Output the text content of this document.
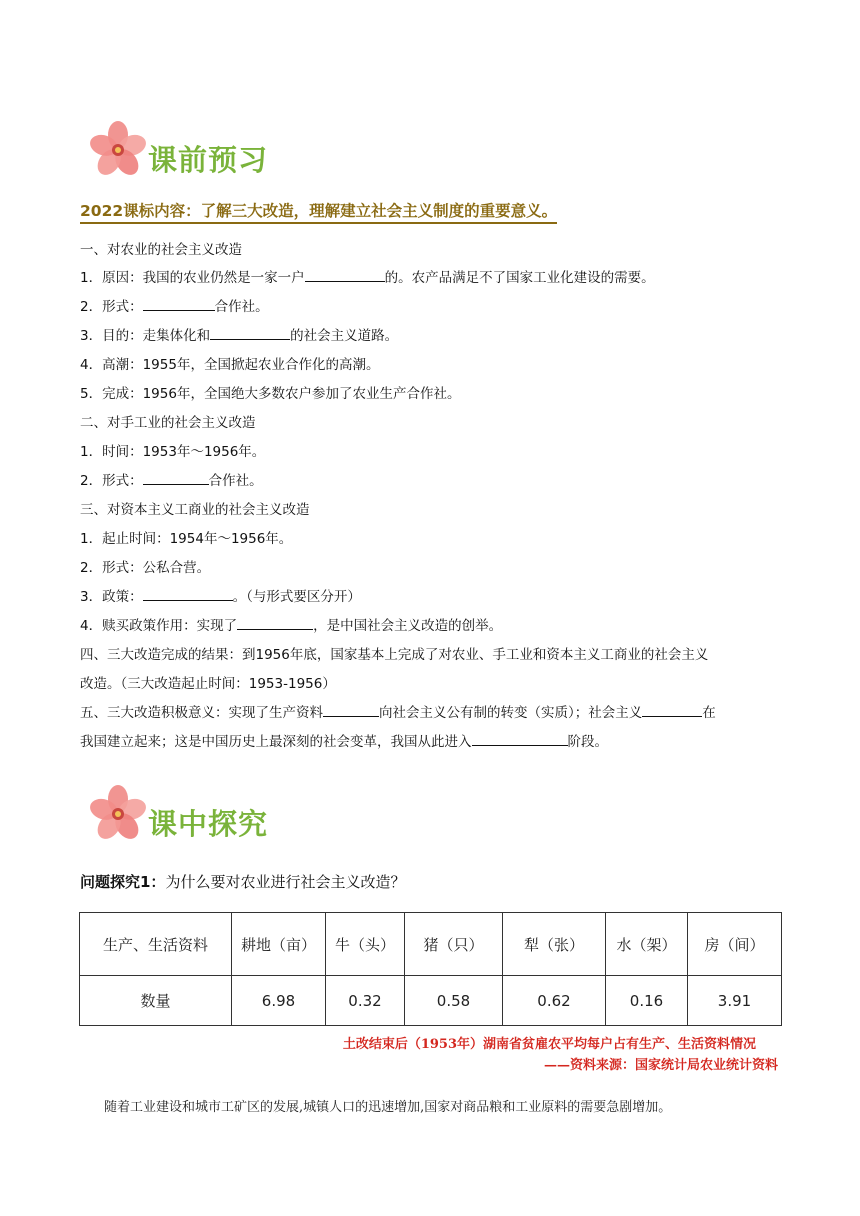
课前预习
2022课标内容：了解三大改造，理解建立社会主义制度的重要意义。
一、对农业的社会主义改造
1．原因：我国的农业仍然是一家一户	的。农产品满足不了国家工业化建设的需要。
2．形式：	合作社。
3．目的：走集体化和	的社会主义道路。
4．高潮：1955年，全国掀起农业合作化的高潮。
5．完成：1956年，全国绝大多数农户参加了农业生产合作社。
二、对手工业的社会主义改造
1．时间：1953年～1956年。
2．形式：	合作社。
三、对资本主义工商业的社会主义改造
1．起止时间：1954年～1956年。
2．形式：公私合营。
3．政策：	。（与形式要区分开）
4．赎买政策作用：实现了	，是中国社会主义改造的创举。
四、三大改造完成的结果：到1956年底，国家基本上完成了对农业、手工业和资本主义工商业的社会主义
改造。（三大改造起止时间：1953-1956）
五、三大改造积极意义：实现了生产资料	向社会主义公有制的转变（实质）；社会主义	在
我国建立起来；这是中国历史上最深刻的社会变革，我国从此进入	阶段。
课中探究
问题探究1：为什么要对农业进行社会主义改造？
生产、生活资料	耕地（亩）	牛（头）	猪（只）	犁（张）	水（架）	房（间）
数量	6.98	0.32	0.58	0.62	0.16	3.91
土改结束后（1953年）湖南省贫雇农平均每户占有生产、生活资料情况
——资料来源：国家统计局农业统计资料
随着工业建设和城市工矿区的发展,城镇人口的迅速增加,国家对商品粮和工业原料的需要急剧增加。
